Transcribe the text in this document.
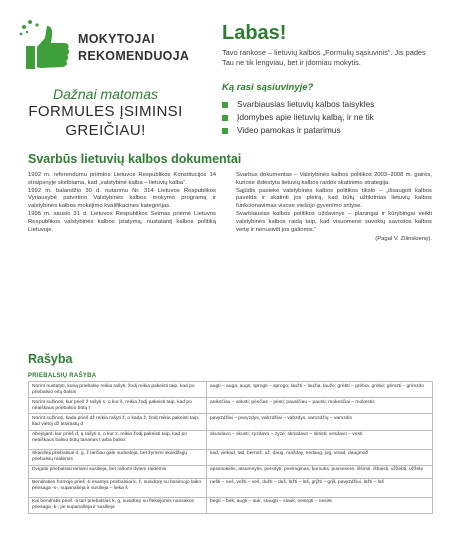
MOKYTOJAI
REKOMENDUOJA
Dažnai matomas
FORMULES ĮSIMINSI
GREIČIAU!
Labas!

Tavo rankose – lietuvių kalbos „Formulių sąsiuvinis“. Jis padės Tau ne tik lengviau, bet ir įdomiau mokytis.

Ką rasi sąsiuvinyje?
Svarbiausias lietuvių kalbos taisykles
Įdomybes apie lietuvių kalbą, ir ne tik
Video pamokas ir patarimus
Svarbūs lietuvių kalbos dokumentai

1992 m. referendumu priimtos Lietuvos Respublikos Konstitucijos 14 straipsnyje skelbiama, kad „valstybinė kalba – lietuvių kalba“.

1992 m. balandžio 30 d. nutarimu Nr. 314 Lietuvos Respublikos Vyriausybė patvirtino Valstybinės kalbos mokymo programą ir valstybinės kalbos mokėjimo kvalifikacines kategorijas.

1995 m. sausio 31 d. Lietuvos Respublikos Seimas priėmė Lietuvos Respublikos valstybinės kalbos įstatymą, nustatantį kalbos politiką Lietuvoje.

Svarbus dokumentas – Valstybinės kalbos politikos 2003–2008 m. gairės, kuriose išdėstyta lietuvių kalbos raidos skatinimo strategija.

Sąjūdis pasiekė valstybinės kalbos politikos tikslo – „išsaugoti kalbos pavelda ir skatinti jos plėtrą, kad būtų užtikrintas lietuvių kalbos funkcionavimas visose viešojo gyvenimo srityse.

Svarbiausias kalbos politikos uždavinys – planingai ir kūrybingai veikti valstybinės kalbos raidą taip, kad visuomenė suvoktų savosios kalbos vertę ir nenusivilt jos galiomis.“

(Pagal V. Zilinskienę).

Rašyba
PRIEBALSIŲ RAŠYBA
Norint nustatyti, kurią priebalsę reikia rašyti, žodį reikia pakeisti taip, kad po priebalsio eitų balsis	augti – auga, augs; sprogti – sprogo; laužti – laužia, laužė; grėbti – grėbia, grėbė; grimzti – grimzdo
Norint sužinoti, kur prieš ž rašyti s, o kur š, reikia žodį pakeisti taip, kad po neaiškaus priebalsio būtų t	aniksčiau – anksti; pėsčias – pėsti; pauslčiau – pausti; mokesčiai – mokestis
Norint sužinoti, kada prieš dž reikia rašyti ž, o kada ž, žodį reikia pakeisti taip, kad vietoj dž atsirastų d	pavyzdžiai – pavyzdys, vabzdžiai – vabzdys, vamzdžių – vamzdis
Abejojant, kur prieš d, ą rašyti s, o kur z, reikia žodį pakeisti taip, kad po neaiškaus balsio būtų tarianas t arba balsis	skusdavo – skusti; zyzdavo – zyzė; skrisdavo – skristi; vesdavo – vesti
Skardieji priebalsiai d, g, ž tarčiau gale suduslėja, bet žymimi skardžiųjų priebalsių raidėmis	kad, viekad, tad, bernūž, už, daug, mažday, nedaug, jog, visad, daugmaž
Dvigubi priebalsiai tariami susilieja, bet rašomi dviem raidėmis	apsimokėlis, atsumnytis, persityti, pneimginas, bumutis, pusseserė, išširsti, išbaisti, užžėbti, užžėlę
Bendraties formoje prieš -ti esantys priebalsiai k, ž, susidūrę su būsimojo laiko priesaga -s-, supanašėja ir susilieja – lieka š	nešti – neš, vežti – veš, dužti – duš, lūžti – lūš, grįžti – grįš, pavyzdžiui, lūžti – lūš
Kai bendratis prieš -ti turi priebalsius k, g, susidūrę su fleksijomis nuosakos priesaga -k-, jie supanašėja ir susilieja	begti – bėk, augti – auk, staugti – stauk, nesirgti – nesirk
